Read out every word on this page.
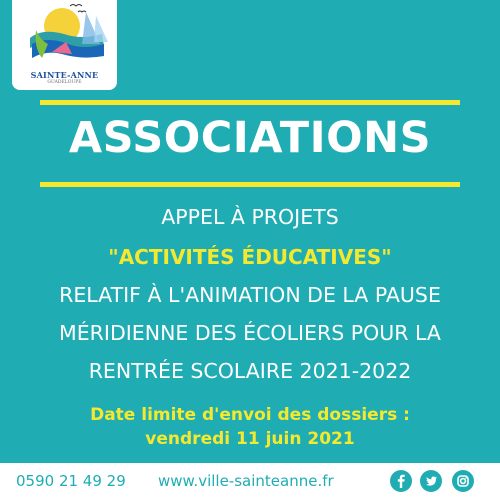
SAINTE-ANNE
GUADELOUPE
ASSOCIATIONS
APPEL À PROJETS
"ACTIVITÉS ÉDUCATIVES"
RELATIF À L'ANIMATION DE LA PAUSE
MÉRIDIENNE DES ÉCOLIERS POUR LA
RENTRÉE SCOLAIRE 2021-2022
Date limite d'envoi des dossiers :
vendredi 11 juin 2021
0590 21 49 29 www.ville-sainteanne.fr
